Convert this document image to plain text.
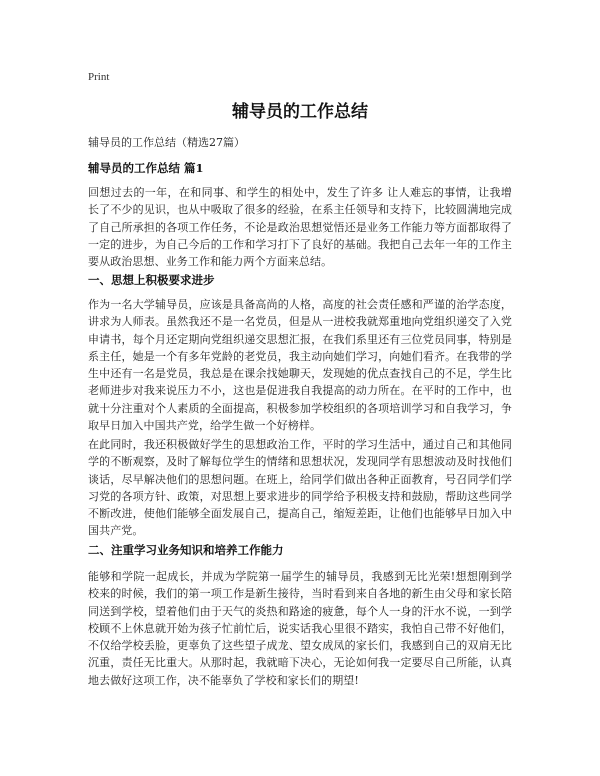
Print
辅导员的工作总结
辅导员的工作总结（精选27篇）
辅导员的工作总结 篇1

回想过去的一年，在和同事、和学生的相处中，发生了许多 让人难忘的事情，让我增长了不少的见识，也从中吸取了很多的经验，在系主任领导和支持下，比较圆满地完成了自己所承担的各项工作任务，不论是政治思想觉悟还是业务工作能力等方面都取得了一定的进步，为自己今后的工作和学习打下了良好的基础。我把自己去年一年的工作主要从政治思想、业务工作和能力两个方面来总结。

一、思想上积极要求进步

作为一名大学辅导员，应该是具备高尚的人格，高度的社会责任感和严谨的治学态度，讲求为人师表。虽然我还不是一名党员，但是从一进校我就郑重地向党组织递交了入党申请书，每个月还定期向党组织递交思想汇报，在我们系里还有三位党员同事，特别是系主任，她是一个有多年党龄的老党员，我主动向她们学习，向她们看齐。在我带的学生中还有一名是党员，我总是在课余找她聊天，发现她的优点查找自己的不足，学生比老师进步对我来说压力不小，这也是促进我自我提高的动力所在。在平时的工作中，也就十分注重对个人素质的全面提高，积极参加学校组织的各项培训学习和自我学习，争取早日加入中国共产党，给学生做一个好榜样。

在此同时，我还积极做好学生的思想政治工作，平时的学习生活中，通过自己和其他同学的不断观察，及时了解每位学生的情绪和思想状况，发现同学有思想波动及时找他们谈话，尽早解决他们的思想问题。在班上，给同学们做出各种正面教育，号召同学们学习党的各项方针、政策，对思想上要求进步的同学给予积极支持和鼓励，帮助这些同学不断改进，使他们能够全面发展自己，提高自己，缩短差距，让他们也能够早日加入中国共产党。

二、注重学习业务知识和培养工作能力

能够和学院一起成长，并成为学院第一届学生的辅导员，我感到无比光荣!想想刚到学校来的时候，我们的第一项工作是新生接待，当时看到来自各地的新生由父母和家长陪同送到学校，望着他们由于天气的炎热和路途的疲惫，每个人一身的汗水不说，一到学校顾不上休息就开始为孩子忙前忙后，说实话我心里很不踏实，我怕自己带不好他们，不仅给学校丢脸，更辜负了这些望子成龙、望女成凤的家长们，我感到自己的双肩无比沉重，责任无比重大。从那时起，我就暗下决心，无论如何我一定要尽自己所能，认真地去做好这项工作，决不能辜负了学校和家长们的期望!
